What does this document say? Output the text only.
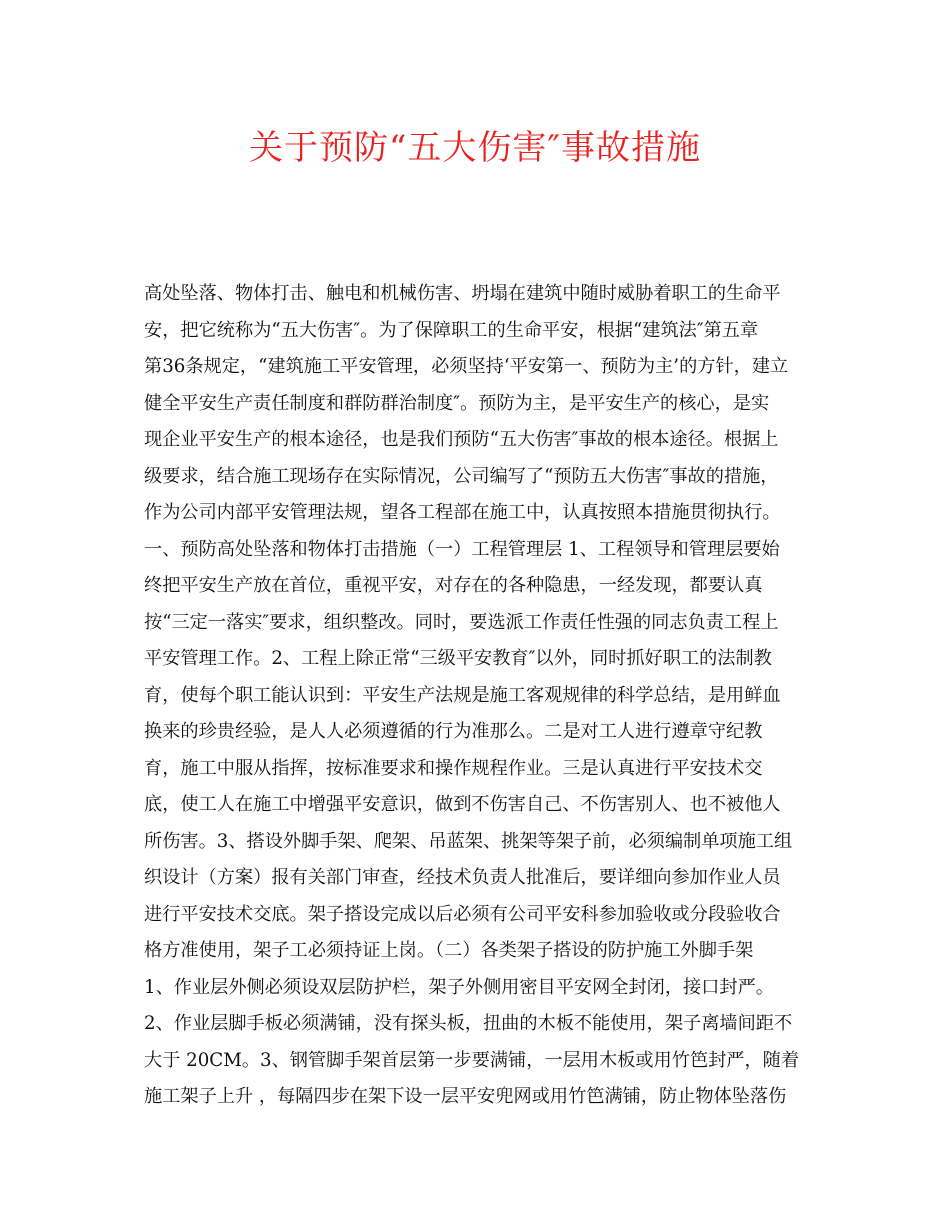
关于预防“五大伤害″事故措施
高处坠落、物体打击、触电和机械伤害、坍塌在建筑中随时威胁着职工的生命平
安，把它统称为“五大伤害″。为了保障职工的生命平安，根据“建筑法″第五章
第36条规定，“建筑施工平安管理，必须坚持‘平安第一、预防为主’的方针，建立
健全平安生产责任制度和群防群治制度″。预防为主，是平安生产的核心，是实
现企业平安生产的根本途径，也是我们预防“五大伤害″事故的根本途径。根据上
级要求，结合施工现场存在实际情况，公司编写了“预防五大伤害″事故的措施，
作为公司内部平安管理法规，望各工程部在施工中，认真按照本措施贯彻执行。
一、预防高处坠落和物体打击措施（一）工程管理层 1、工程领导和管理层要始
终把平安生产放在首位，重视平安，对存在的各种隐患，一经发现，都要认真
按“三定一落实″要求，组织整改。同时，要选派工作责任性强的同志负责工程上
平安管理工作。2、工程上除正常“三级平安教育″以外，同时抓好职工的法制教
育，使每个职工能认识到：平安生产法规是施工客观规律的科学总结，是用鲜血
换来的珍贵经验，是人人必须遵循的行为准那么。二是对工人进行遵章守纪教
育，施工中服从指挥，按标准要求和操作规程作业。三是认真进行平安技术交
底，使工人在施工中增强平安意识，做到不伤害自己、不伤害别人、也不被他人
所伤害。3、搭设外脚手架、爬架、吊蓝架、挑架等架子前，必须编制单项施工组
织设计（方案）报有关部门审查，经技术负责人批准后，要详细向参加作业人员
进行平安技术交底。架子搭设完成以后必须有公司平安科参加验收或分段验收合
格方准使用，架子工必须持证上岗。（二）各类架子搭设的防护施工外脚手架
1、作业层外侧必须设双层防护栏，架子外侧用密目平安网全封闭，接口封严。
2、作业层脚手板必须满铺，没有探头板，扭曲的木板不能使用，架子离墙间距不
大于 20CM。3、钢管脚手架首层第一步要满铺，一层用木板或用竹笆封严，随着
施工架子上升 ，每隔四步在架下设一层平安兜网或用竹笆满铺，防止物体坠落伤
